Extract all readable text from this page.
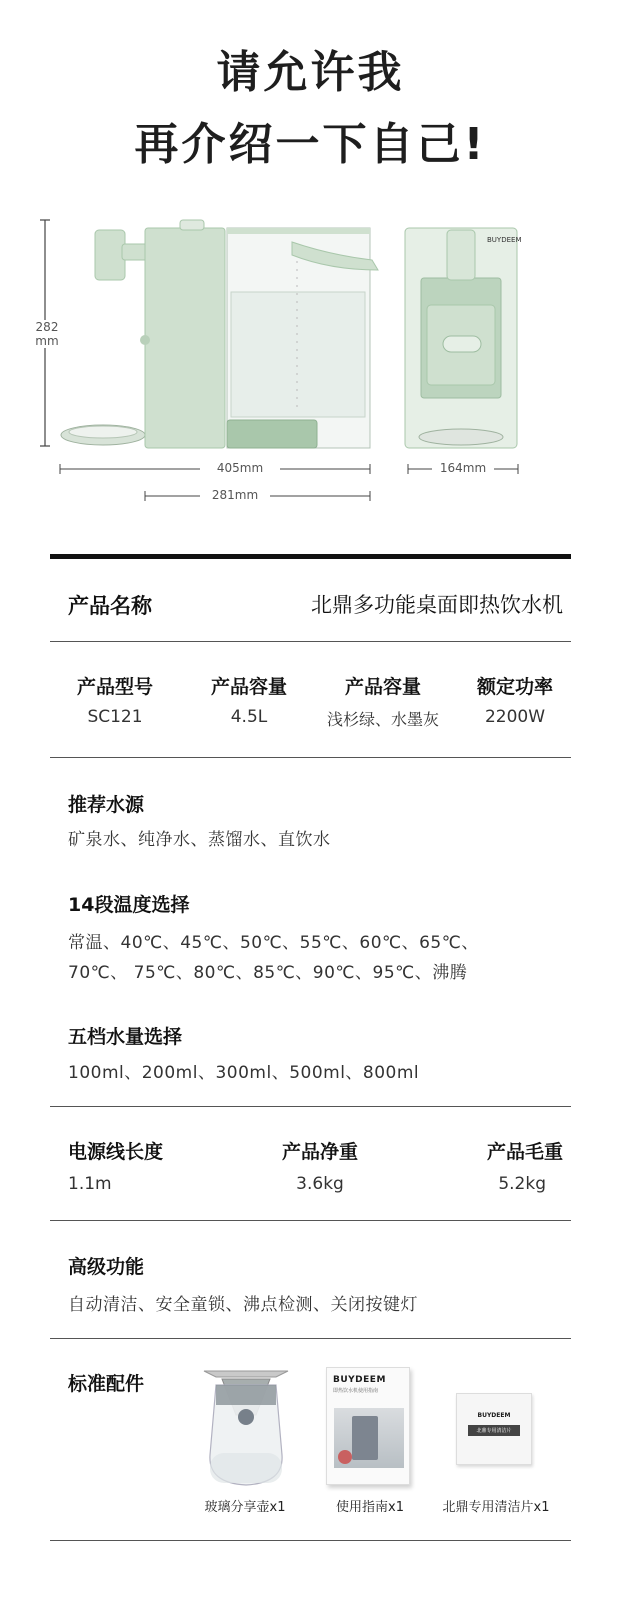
请允许我
再介绍一下自己!
BUYDEEM
282
mm
405mm
281mm
164mm
产品名称	北鼎多功能桌面即热饮水机
产品型号
SC121
产品容量
4.5L
产品容量
浅杉绿、水墨灰
额定功率
2200W
推荐水源
矿泉水、纯净水、蒸馏水、直饮水
14段温度选择
常温、40℃、45℃、50℃、55℃、60℃、65℃、
70℃、 75℃、80℃、85℃、90℃、95℃、沸腾
五档水量选择
100ml、200ml、300ml、500ml、800ml
电源线长度
1.1m
产品净重
3.6kg
产品毛重
5.2kg
高级功能
自动清洁、安全童锁、沸点检测、关闭按键灯
标准配件
玻璃分享壶x1
BUYDEEM
即热饮水机使用指南
使用指南x1
BUYDEEM
北鼎专用清洁片
北鼎专用清洁片x1
